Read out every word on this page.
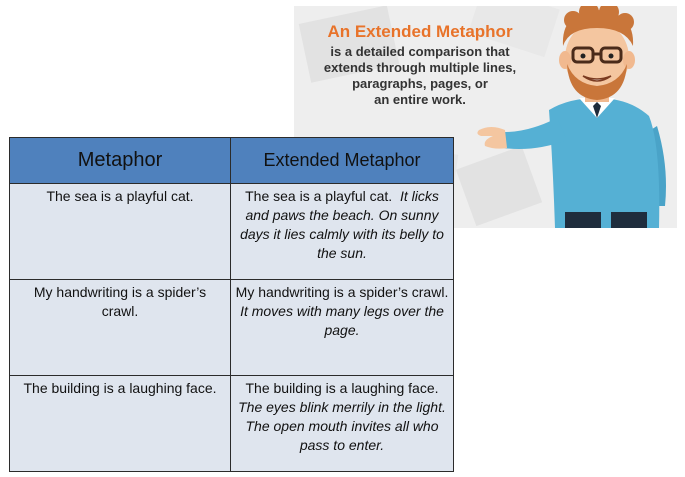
An Extended Metaphor
is a detailed comparison that
extends through multiple lines,
paragraphs, pages, or
an entire work.
Metaphor	Extended Metaphor
The sea is a playful cat.	The sea is a playful cat. It licks and paws the beach. On sunny days it lies calmly with its belly to the sun.
My handwriting is a spider’s crawl.	My handwriting is a spider’s crawl. It moves with many legs over the page.
The building is a laughing face.	The building is a laughing face. The eyes blink merrily in the light. The open mouth invites all who pass to enter.
